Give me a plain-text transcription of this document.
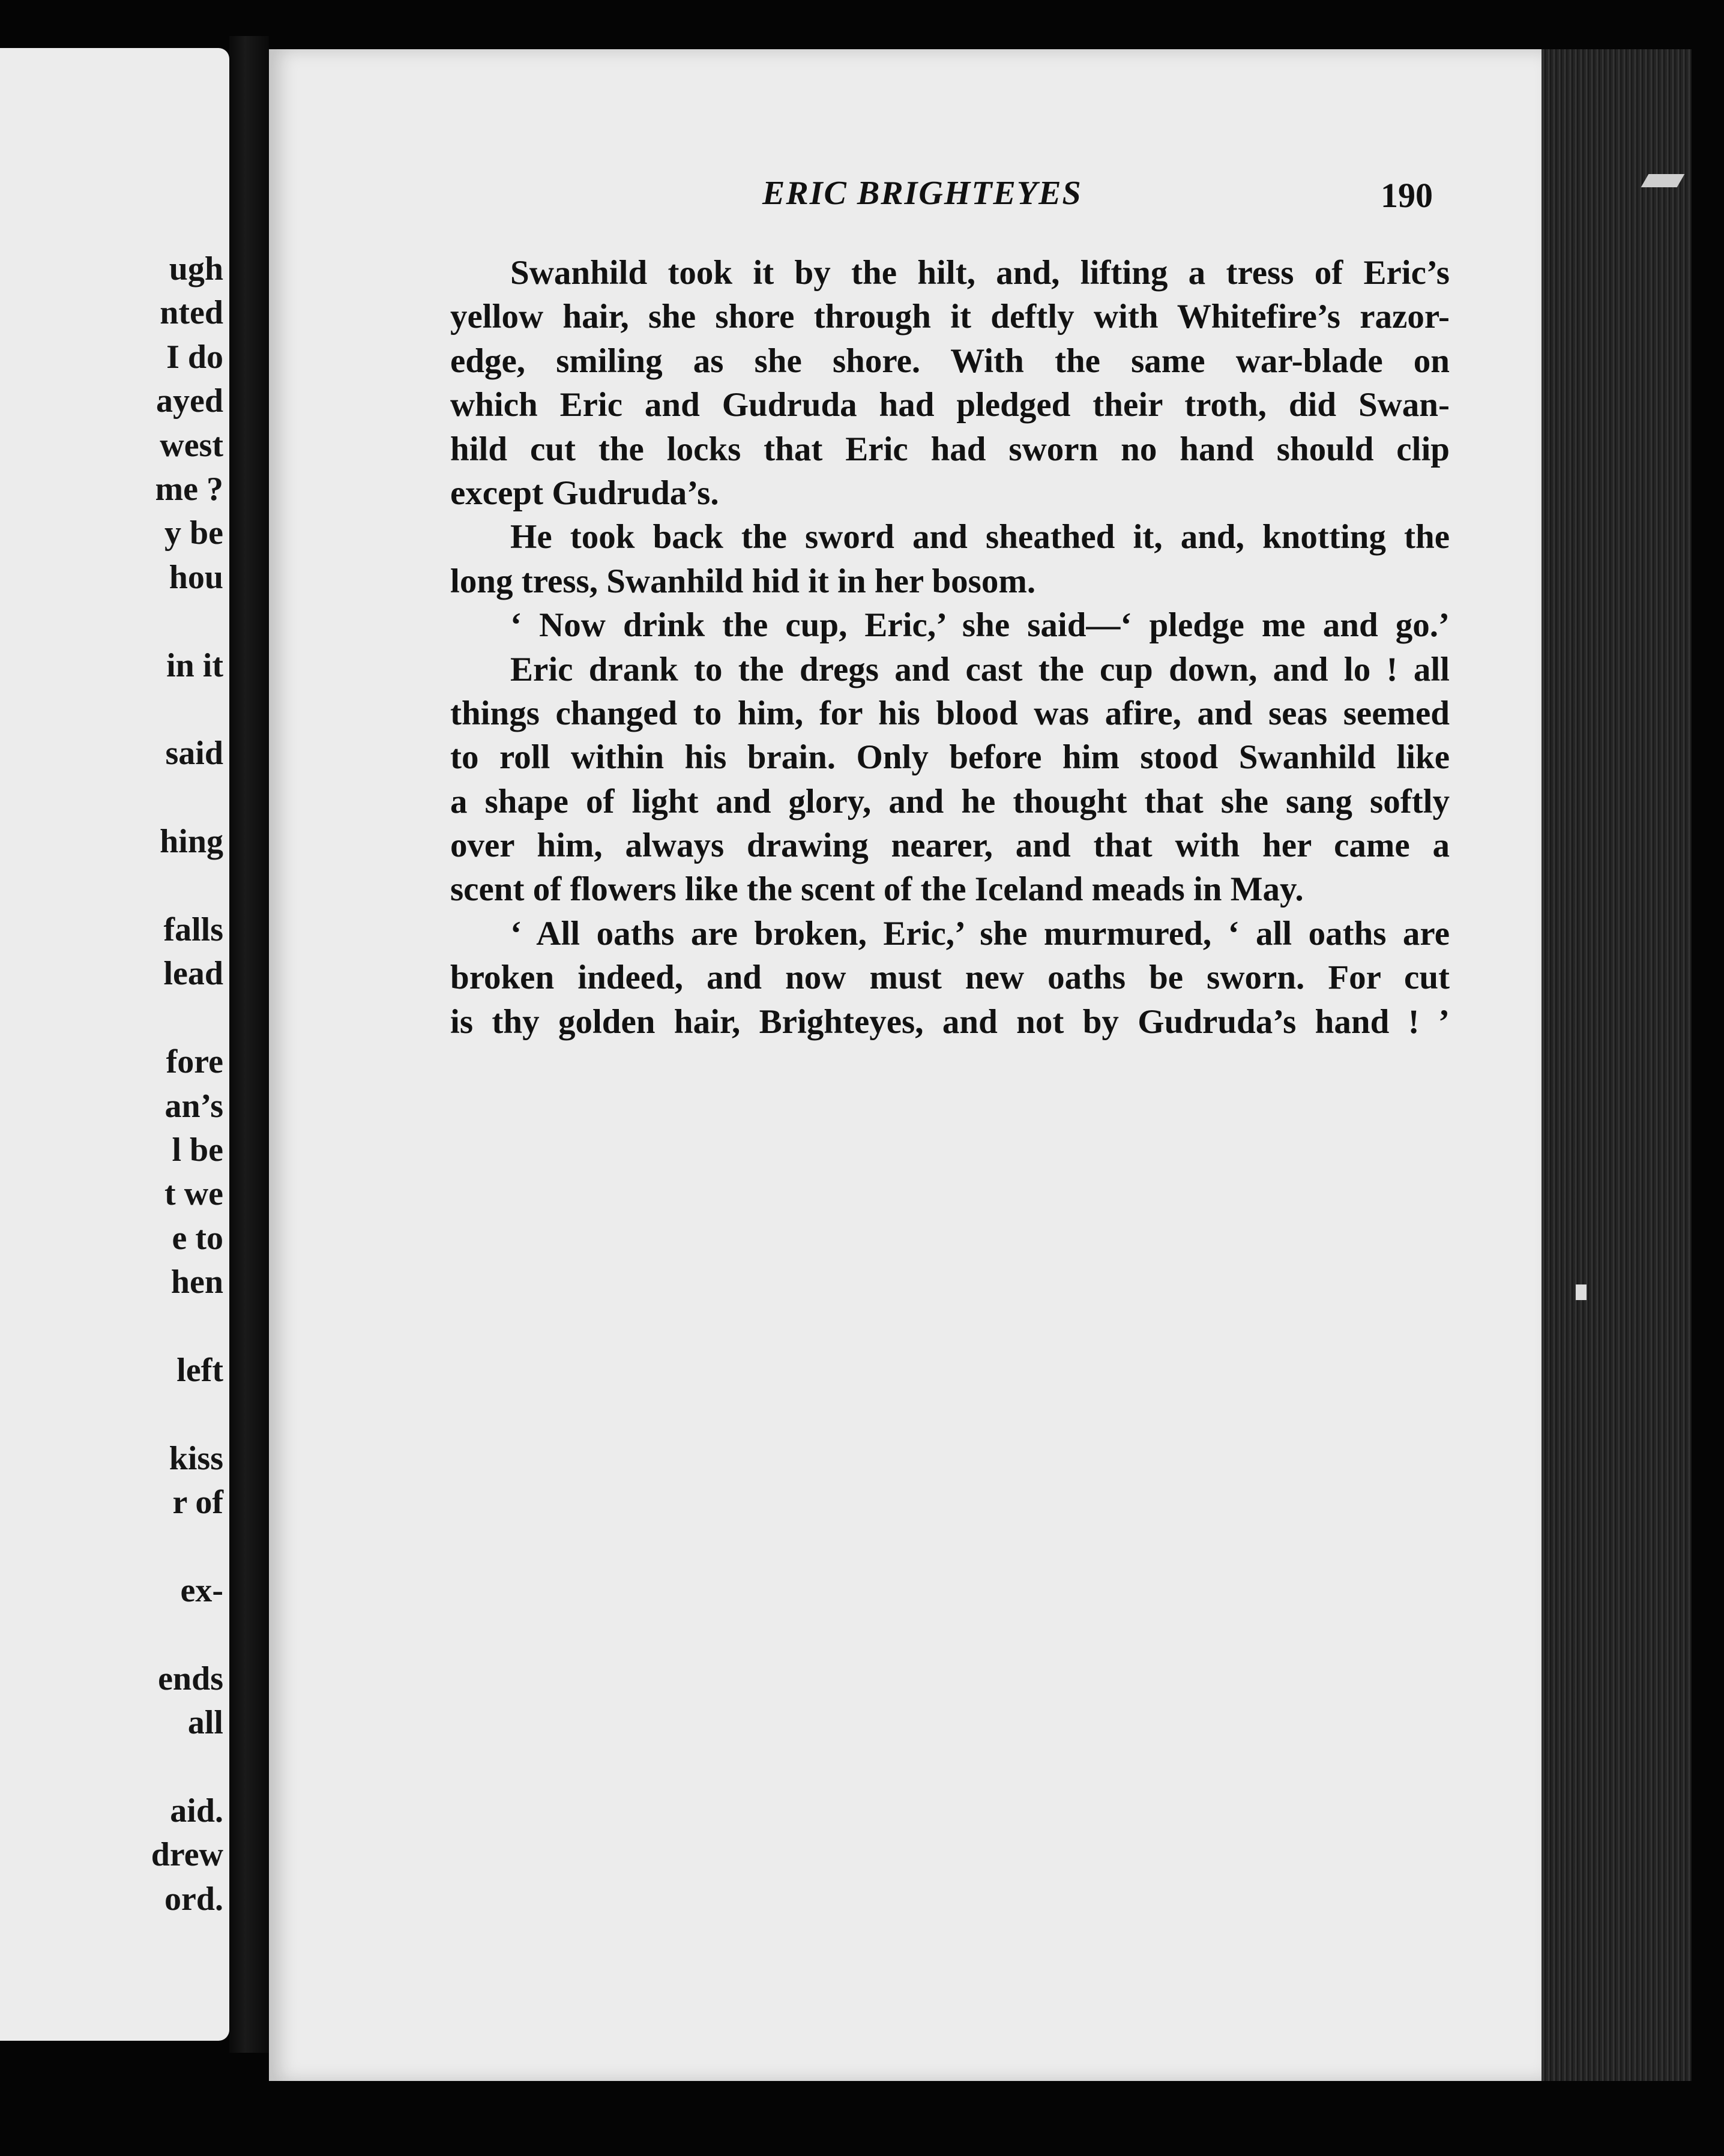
ugh
nted
I do
ayed
west
me ?
y be
hou
in it
said
hing
falls
lead
fore
an’s
l be
t we
e to
hen
left
kiss
r of
ex-
ends
all
aid.
drew
ord.
ERIC BRIGHTEYES	190
Swanhild took it by the hilt, and, lifting a tress of Eric’s
yellow hair, she shore through it deftly with Whitefire’s razor-
edge, smiling as she shore. With the same war-blade on
which Eric and Gudruda had pledged their troth, did Swan-
hild cut the locks that Eric had sworn no hand should clip
except Gudruda’s.
He took back the sword and sheathed it, and, knotting the
long tress, Swanhild hid it in her bosom.
‘ Now drink the cup, Eric,’ she said—‘ pledge me and go.’
Eric drank to the dregs and cast the cup down, and lo ! all
things changed to him, for his blood was afire, and seas seemed
to roll within his brain. Only before him stood Swanhild like
a shape of light and glory, and he thought that she sang softly
over him, always drawing nearer, and that with her came a
scent of flowers like the scent of the Iceland meads in May.
‘ All oaths are broken, Eric,’ she murmured, ‘ all oaths are
broken indeed, and now must new oaths be sworn. For cut
is thy golden hair, Brighteyes, and not by Gudruda’s hand ! ’
